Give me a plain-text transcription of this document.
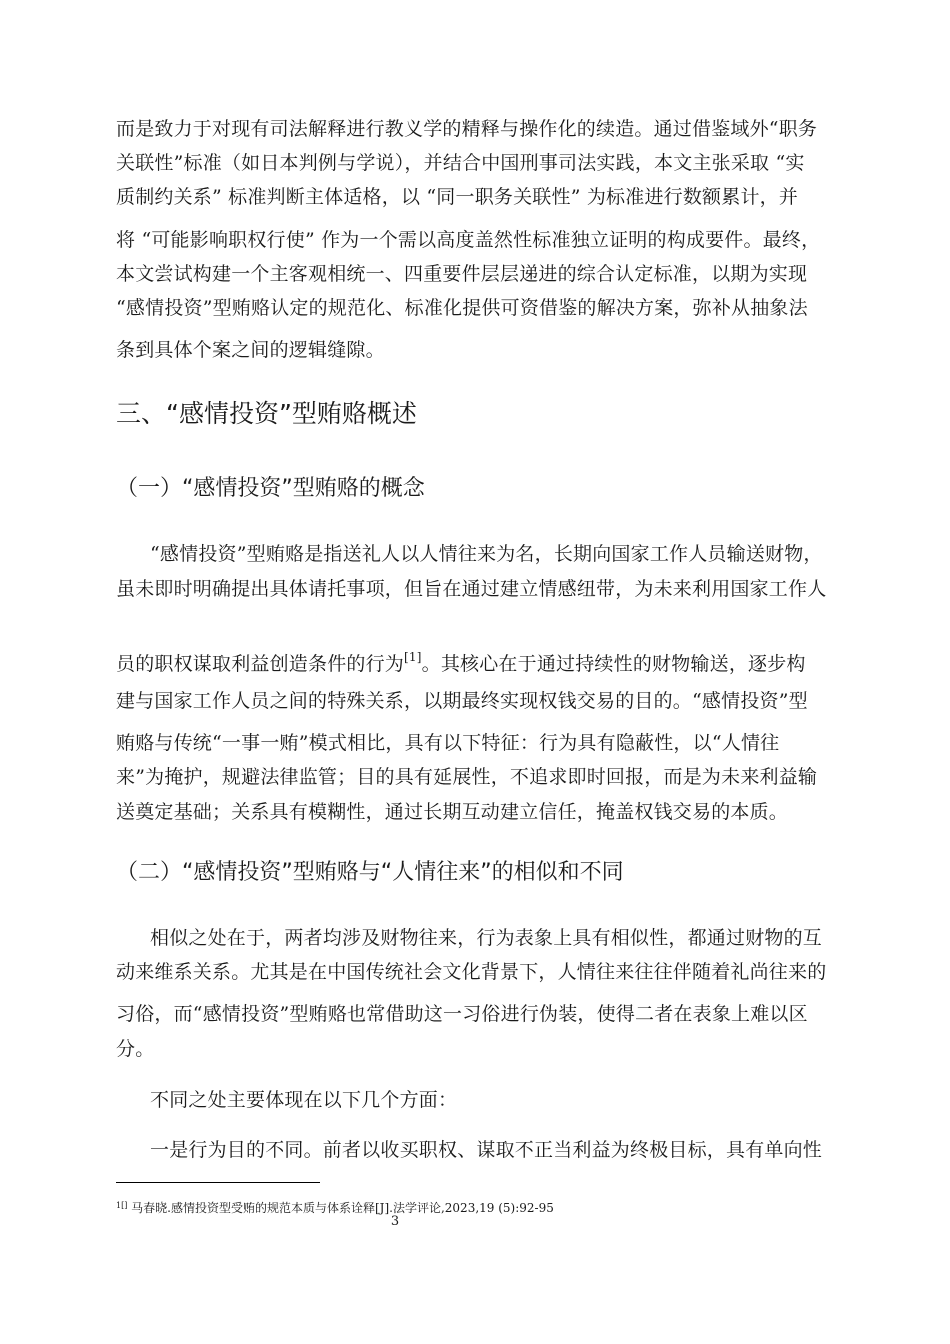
而是致力于对现有司法解释进行教义学的精释与操作化的续造。通过借鉴域外“职务
关联性”标准（如日本判例与学说），并结合中国刑事司法实践，本文主张采取 “实
质制约关系” 标准判断主体适格，以 “同一职务关联性” 为标准进行数额累计，并
将 “可能影响职权行使” 作为一个需以高度盖然性标准独立证明的构成要件。最终，
本文尝试构建一个主客观相统一、四重要件层层递进的综合认定标准，以期为实现
“感情投资”型贿赂认定的规范化、标准化提供可资借鉴的解决方案，弥补从抽象法
条到具体个案之间的逻辑缝隙。
三、“感情投资”型贿赂概述
（一）“感情投资”型贿赂的概念
“感情投资”型贿赂是指送礼人以人情往来为名，长期向国家工作人员输送财物，
虽未即时明确提出具体请托事项，但旨在通过建立情感纽带，为未来利用国家工作人
员的职权谋取利益创造条件的行为[1]。其核心在于通过持续性的财物输送，逐步构
建与国家工作人员之间的特殊关系，以期最终实现权钱交易的目的。“感情投资”型
贿赂与传统“一事一贿”模式相比，具有以下特征：行为具有隐蔽性，以“人情往
来”为掩护，规避法律监管；目的具有延展性，不追求即时回报，而是为未来利益输
送奠定基础；关系具有模糊性，通过长期互动建立信任，掩盖权钱交易的本质。
（二）“感情投资”型贿赂与“人情往来”的相似和不同
相似之处在于，两者均涉及财物往来，行为表象上具有相似性，都通过财物的互
动来维系关系。尤其是在中国传统社会文化背景下，人情往来往往伴随着礼尚往来的
习俗，而“感情投资”型贿赂也常借助这一习俗进行伪装，使得二者在表象上难以区
分。
不同之处主要体现在以下几个方面：
一是行为目的不同。前者以收买职权、谋取不正当利益为终极目标，具有单向性
$^{1[]}$ 马春晓.感情投资型受贿的规范本质与体系诠释[J].法学评论,2023,19 (5):92-95
3
